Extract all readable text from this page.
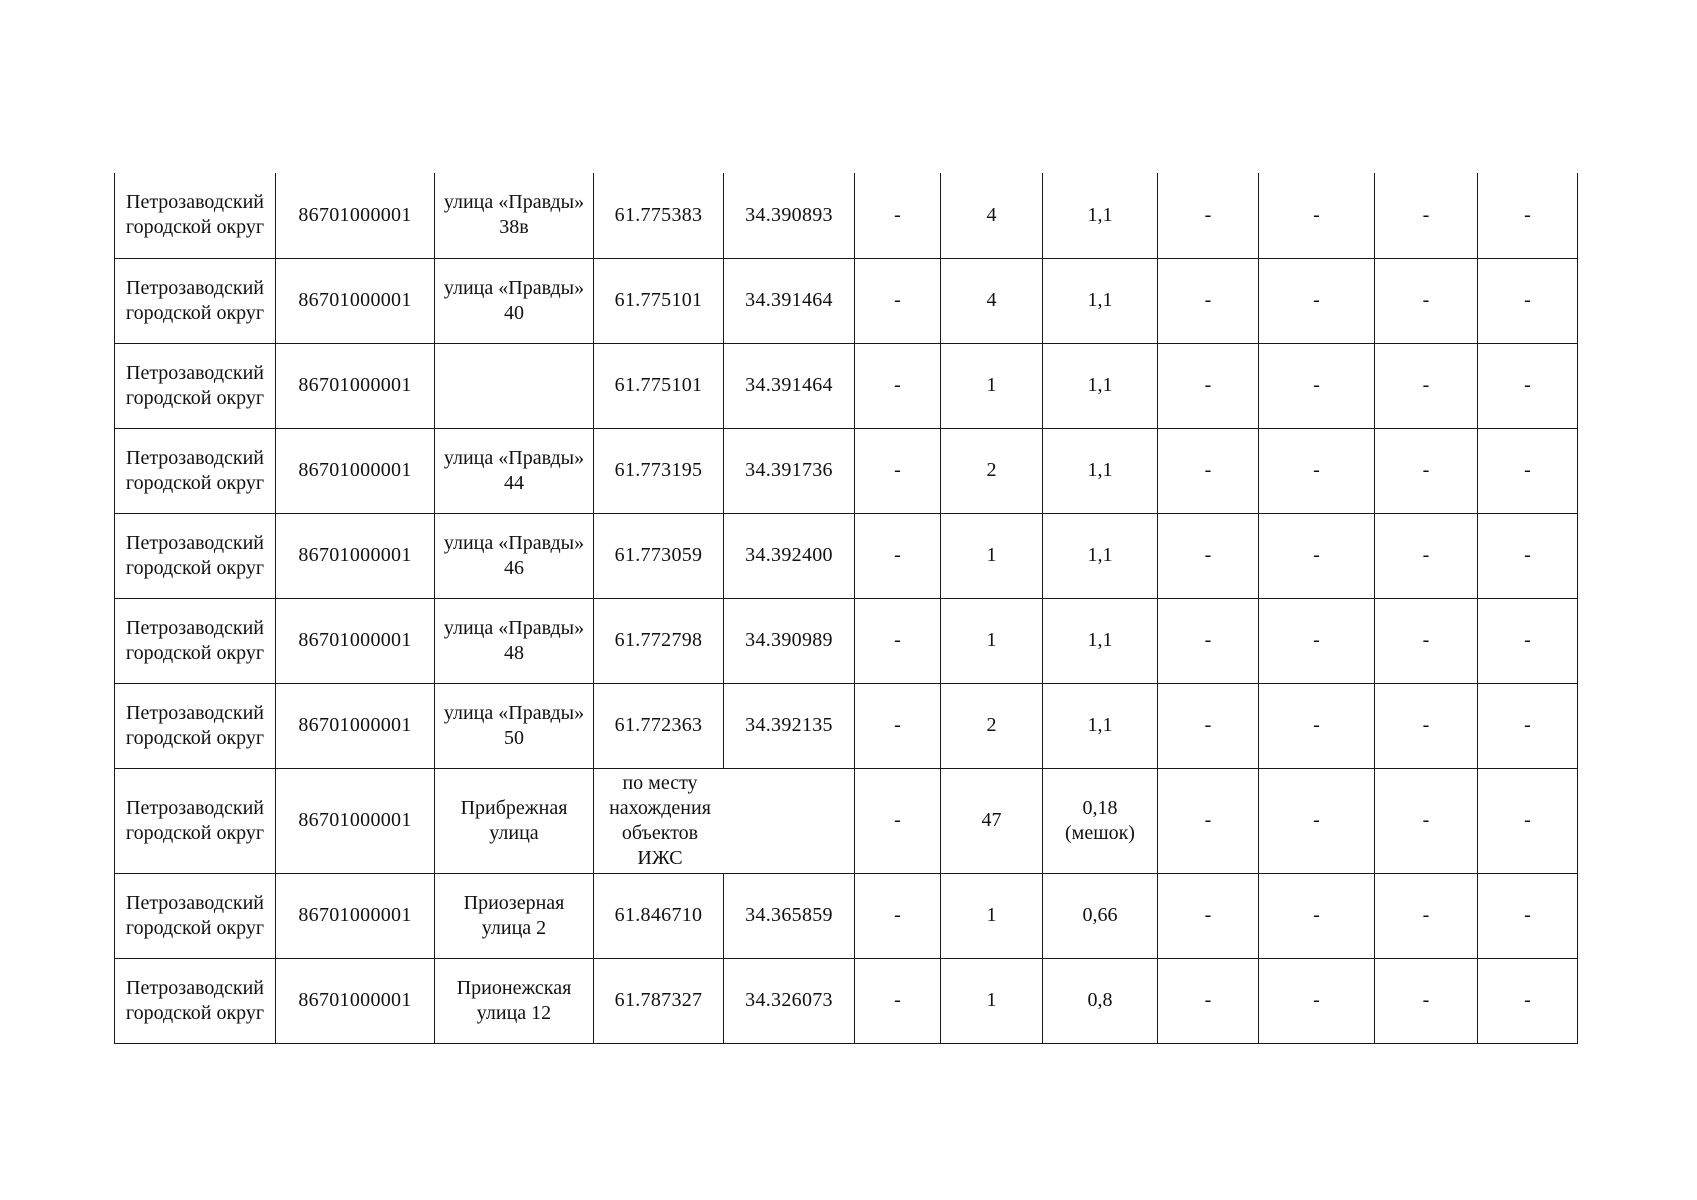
Петрозаводский городской округ	86701000001	улица «Правды» 38в	61.775383	34.390893	-	4	1,1	-	-	-	-
Петрозаводский городской округ	86701000001	улица «Правды» 40	61.775101	34.391464	-	4	1,1	-	-	-	-
Петрозаводский городской округ	86701000001		61.775101	34.391464	-	1	1,1	-	-	-	-
Петрозаводский городской округ	86701000001	улица «Правды» 44	61.773195	34.391736	-	2	1,1	-	-	-	-
Петрозаводский городской округ	86701000001	улица «Правды» 46	61.773059	34.392400	-	1	1,1	-	-	-	-
Петрозаводский городской округ	86701000001	улица «Правды» 48	61.772798	34.390989	-	1	1,1	-	-	-	-
Петрозаводский городской округ	86701000001	улица «Правды» 50	61.772363	34.392135	-	2	1,1	-	-	-	-
Петрозаводский городской округ	86701000001	Прибрежная улица	по месту нахождения объектов ИЖС		-	47	0,18 (мешок)	-	-	-	-
Петрозаводский городской округ	86701000001	Приозерная улица 2	61.846710	34.365859	-	1	0,66	-	-	-	-
Петрозаводский городской округ	86701000001	Прионежская улица 12	61.787327	34.326073	-	1	0,8	-	-	-	-
